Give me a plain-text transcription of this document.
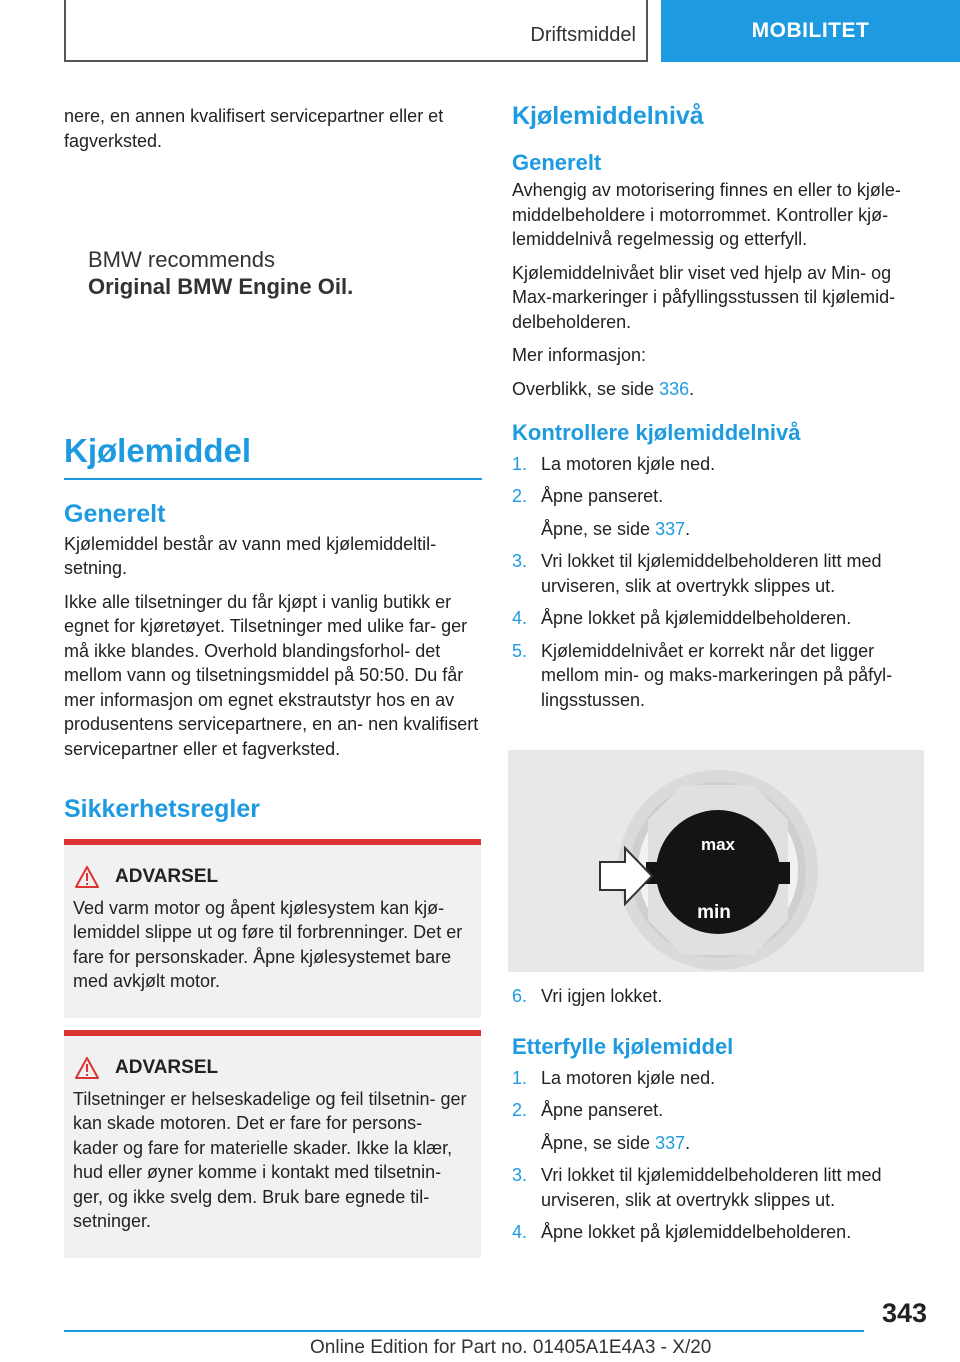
Driftsmiddel	MOBILITET

nere, en annen kvalifisert servicepartner eller et fagverksted.

BMW recommends
Original BMW Engine Oil.
Kjølemiddel
Generelt

Kjølemiddel består av vann med kjølemiddeltil- setning.

Ikke alle tilsetninger du får kjøpt i vanlig butikk er egnet for kjøretøyet. Tilsetninger med ulike far- ger må ikke blandes. Overhold blandingsforhol- det mellom vann og tilsetningsmiddel på 50:50. Du får mer informasjon om egnet ekstrautstyr hos en av produsentens servicepartnere, en an- nen kvalifisert servicepartner eller et fagverksted.

Sikkerhetsregler
ADVARSEL
Ved varm motor og åpent kjølesystem kan kjø- lemiddel slippe ut og føre til forbrenninger. Det er fare for personskader. Åpne kjølesystemet bare med avkjølt motor.
ADVARSEL
Tilsetninger er helseskadelige og feil tilsetnin- ger kan skade motoren. Det er fare for persons- kader og fare for materielle skader. Ikke la klær, hud eller øyner komme i kontakt med tilsetnin- ger, og ikke svelg dem. Bruk bare egnede til- setninger.
Kjølemiddelnivå
Generelt

Avhengig av motorisering finnes en eller to kjøle- middelbeholdere i motorrommet. Kontroller kjø- lemiddelnivå regelmessig og etterfyll.

Kjølemiddelnivået blir viset ved hjelp av Min- og Max-markeringer i påfyllingsstussen til kjølemid- delbeholderen.

Mer informasjon:

Overblikk, se side 336.

Kontrollere kjølemiddelnivå
1. La motoren kjøle ned.
2. Åpne panseret.
Åpne, se side 337.
3. Vri lokket til kjølemiddelbeholderen litt med urviseren, slik at overtrykk slippes ut.
4. Åpne lokket på kjølemiddelbeholderen.
5. Kjølemiddelnivået er korrekt når det ligger mellom min- og maks-markeringen på påfyl- lingsstussen.
max
min
6. Vri igjen lokket.
Etterfylle kjølemiddel
1. La motoren kjøle ned.
2. Åpne panseret.
Åpne, se side 337.
3. Vri lokket til kjølemiddelbeholderen litt med urviseren, slik at overtrykk slippes ut.
4. Åpne lokket på kjølemiddelbeholderen.
343
Online Edition for Part no. 01405A1E4A3 - X/20
